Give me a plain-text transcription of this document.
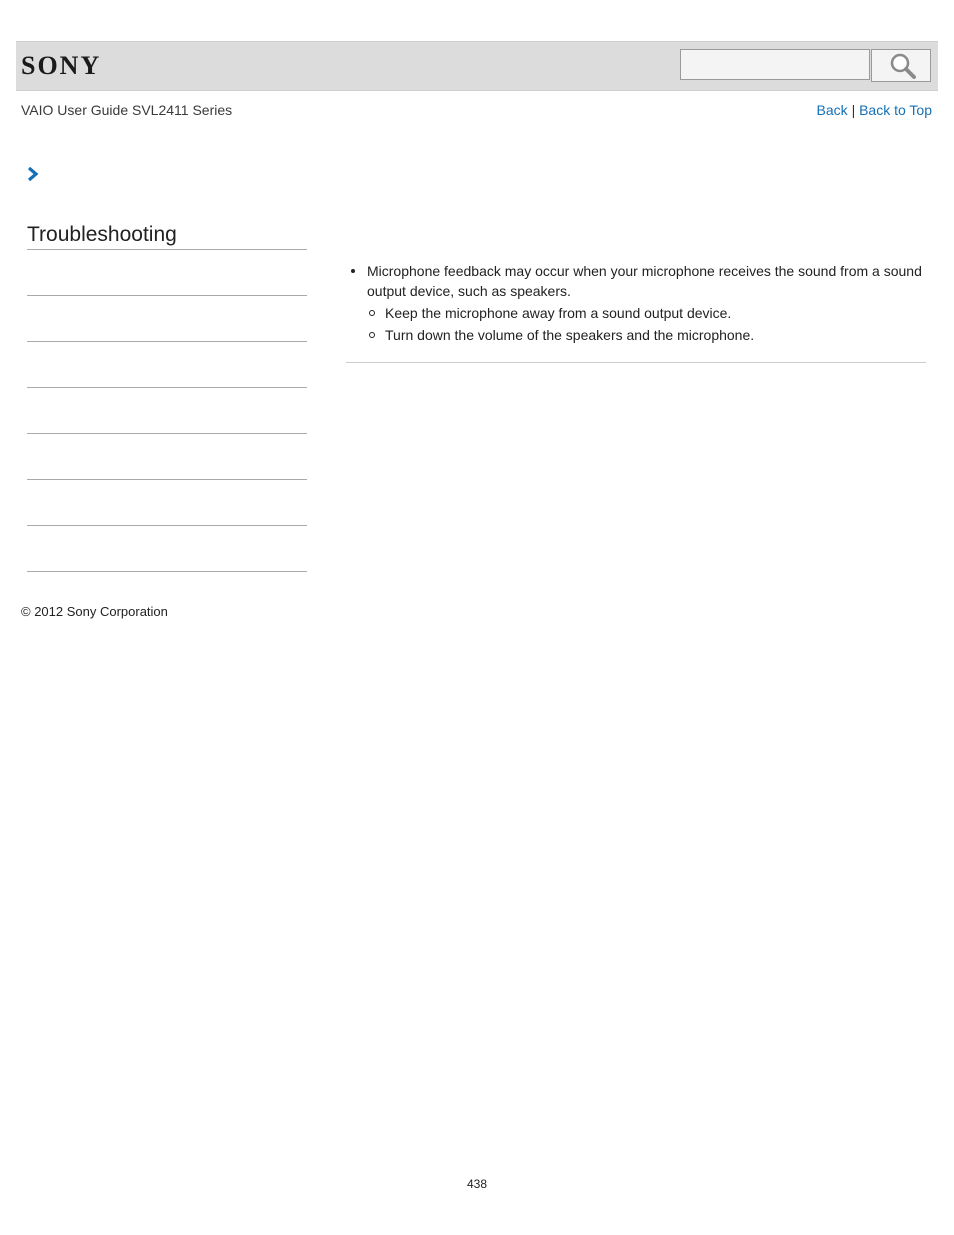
SONY
VAIO User Guide SVL2411 Series	Back | Back to Top
Troubleshooting
Microphone feedback may occur when your microphone receives the sound from a sound output device, such as speakers.
Keep the microphone away from a sound output device.
Turn down the volume of the speakers and the microphone.
© 2012 Sony Corporation
438
